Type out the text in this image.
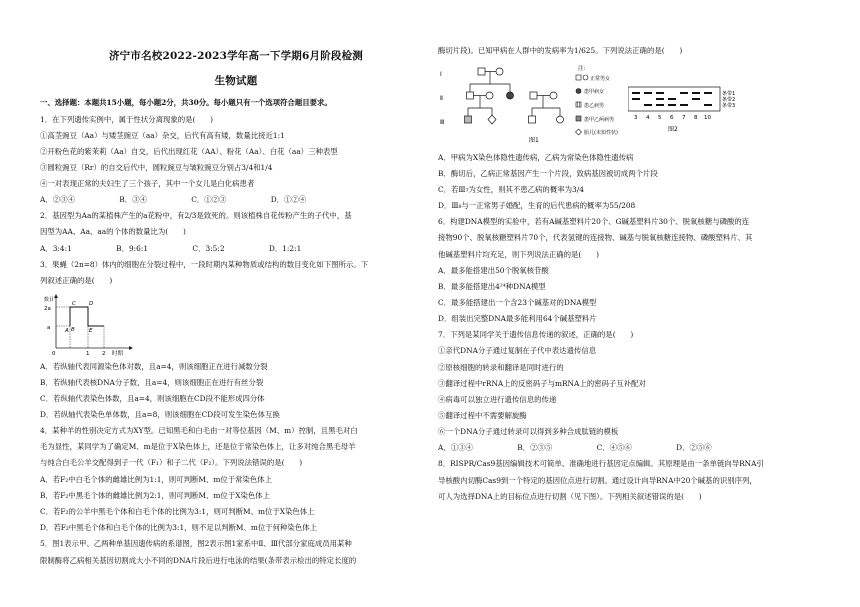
济宁市名校2022-2023学年高一下学期6月阶段检测
生物试题
一、选择题：本题共15小题，每小题2分，共30分。每小题只有一个选项符合题目要求。
1．在下列遗传实例中，属于性状分离现象的是(　　)
①高茎豌豆（Aa）与矮茎豌豆（aa）杂交，后代有高有矮，数量比接近1:1
②开粉色花的紫茉莉（Aa）自交，后代出现红花（AA）、粉花（Aa）、白花（aa）三种表型
③圆粒豌豆（Rr）的自交后代中，圆粒豌豆与皱粒豌豆分别占3/4和1/4
④一对表现正常的夫妇生了三个孩子，其中一个女儿是白化病患者
A．②③④　　　　　　B．③④　　　　　　C．①②③　　　　　　D．①②④
2．基因型为Aa的某植株产生的a花粉中，有2/3是致死的。则该植株自花传粉产生的子代中，基
因型为AA、Aa、aa的个体的数量比为(　　)
A．3:4:1　　　　　　B．9:6:1　　　　　　C．3:5:2　　　　　　D．1:2:1
3．果蝇（2n=8）体内的细胞在分裂过程中，一段时期内某种物质或结构的数目变化如下图所示。下
列叙述正确的是(　　)
数目
2a
a
0	1 2 时期
A B
C D
E
A．若纵轴代表同源染色体对数，且a=4，则该细胞正在进行减数分裂
B．若纵轴代表核DNA分子数，且a=4，则该细胞正在进行有丝分裂
C．若纵轴代表染色体数，且a=4，则该细胞在CD段不能形成四分体
D．若纵轴代表染色单体数，且a=8，则该细胞在CD段可发生染色体互换
4．某种羊的性别决定方式为XY型。已知黑毛和白毛由一对等位基因（M、m）控制，且黑毛对白
毛为显性，某同学为了确定M、m是位于X染色体上，还是位于常染色体上，让多对纯合黑毛母羊
与纯合白毛公羊交配得到子一代（F₁）和子二代（F₂）。下列说法错误的是(　　)
A．若F₂中白毛个体的雌雄比例为1:1，则可判断M、m位于常染色体上
B．若F₂中黑毛个体的雌雄比例为2:1，则可判断M、m位于X染色体上
C．若F₂的公羊中黑毛个体和白毛个体的比例为3:1，则可判断M、m位于X染色体上
D．若F₂中黑毛个体和白毛个体的比例为3:1，则不足以判断M、m位于何种染色体上
5．图1表示甲、乙两种单基因遗传病的系谱图，图2表示图1家系中Ⅱ、Ⅲ代部分家庭成员用某种
限制酶将乙病相关基因切割成大小不同的DNA片段后进行电泳的结果(条带表示检出的特定长度的
酶切片段)。已知甲病在人群中的发病率为1/625。下列说法正确的是(　　)
Ⅰ
Ⅱ
Ⅲ
图1
注:
正常男女
患甲病女
患乙病男
患甲乙两病男
胎儿(未知性状)
条带1
条带2
条带3
3 4 5 6 7 8 10
图2
A．甲病为X染色体隐性遗传病，乙病为常染色体隐性遗传病
B．酶切后，乙病正常基因产生一个片段，致病基因被切成两个片段
C．若Ⅲ₇为女性，则其不患乙病的概率为3/4
D．Ⅲ₈与一正常男子婚配，生育的后代患病的概率为55/208
6．构建DNA模型的实验中，若有A碱基塑料片20个、G碱基塑料片30个、脱氧核糖与磷酸的连
接物90个、脱氧核糖塑料片70个，代表氢键的连接物、碱基与脱氧核糖连接物、磷酸塑料片、其
他碱基塑料片均充足，则下列说法正确的是(　　)
A．最多能搭建出50个脱氧核苷酸
B．最多能搭建出4²⁴种DNA模型
C．最多能搭建出一个含23个碱基对的DNA模型
D．组装出完整DNA最多能利用64个碱基塑料片
7．下列是某同学关于遗传信息传递的叙述，正确的是(　　)
①亲代DNA分子通过复制在子代中表达遗传信息
②原核细胞的转录和翻译是同时进行的
③翻译过程中rRNA上的反密码子与mRNA上的密码子互补配对
④病毒可以独立进行遗传信息的传递
⑤翻译过程中不需要解旋酶
⑥一个DNA分子通过转录可以得到多种合成肽链的模板
A．①③④　　　　　　B．②③⑤　　　　　　C．④⑤⑥　　　　　　D．②⑤⑥
8．RISPR/Cas9基因编辑技术可简单、准确地进行基因定点编辑。其原理是由一条单链向导RNA引
导核酸内切酶Cas9到一个特定的基因位点进行切割。通过设计向导RNA中20个碱基的识别序列，
可人为选择DNA上的目标位点进行切割（见下图）。下列相关叙述错误的是(　　)
